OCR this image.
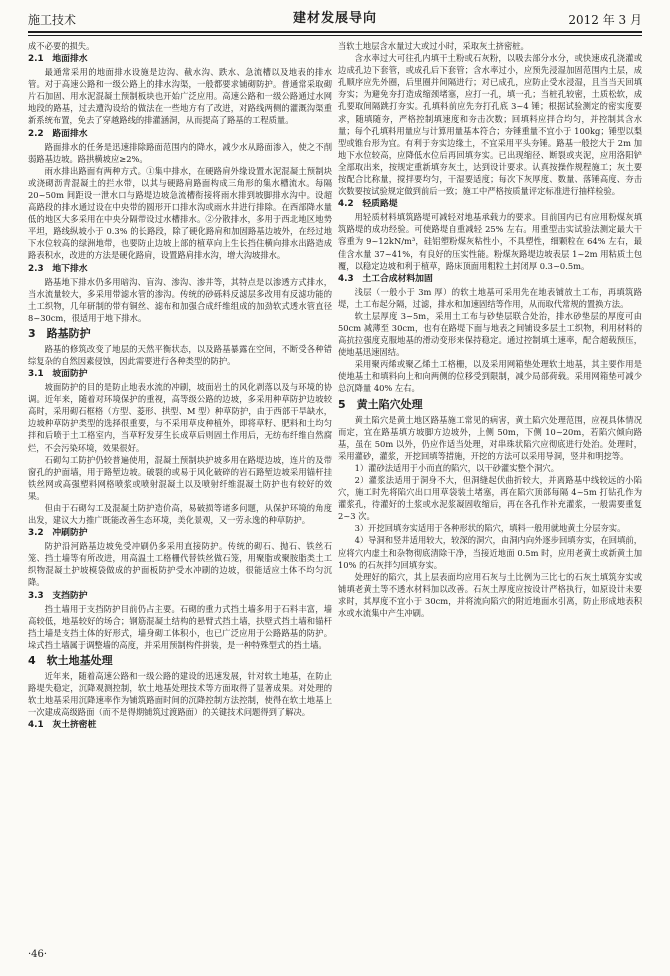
施工技术	建材发展导向	2012 年 3 月
成不必要的损失。
2.1　地面排水
最通常采用的地面排水设施是边沟、截水沟、跌水、急流槽以及地表的排水管。对于高速公路和一级公路上的排水沟渠，一般都要求铺砌防护。普通常采取砌片石加固、用水泥混凝土预制板块也开始广泛应用。高速公路和一级公路通过水网地段的路基，过去遭沟设给的做法在一些地方有了改进，对路线两侧的灌溉沟渠重新系统布置，免去了穿越路线的排灌涵洞，从而提高了路基的工程质量。
2.2　路面排水
路面排水的任务是迅速排除路面范围内的降水，减少水从路面渗入，使之不削弱路基边坡。路拱横坡应≥2%。
雨水排出路面有两种方式。①集中排水，在硬路肩外缘设置水泥混凝土预制块或浇砌沥青混凝土的拦水带，以其与硬路肩路面构成三角形的集水槽流水。每隔 20~50m 间距设一泄水口与路堤边坡急流槽衔接将雨水排到坡脚排水沟中。设超高路段的排水通过设在中央带的圆形开口排水沟或雨水井进行排除。在西部降水量低的地区大多采用在中央分隔带设过水槽排水。②分散排水，多用于西北地区地势平坦，路线纵坡小于 0.3% 的长路段，除了硬化路肩和加固路基边坡外，在经过地下水位较高的绿洲地带，也要防止边坡上部的植草向上生长挡住横向排水出路造成路表积水，改进的方法是硬化路肩，设置路肩排水沟，增大沟坡排水。
2.3　地下排水
路基地下排水仍多用暗沟、盲沟、渗沟、渗井等，其特点是以渗透方式排水，当水流量较大，多采用带滤水管的渗沟。传统的砂砾料反滤层多改用有反滤功能的土工织物，几年研制的带有铜丝、滤布和加强合成纤维组成的加劲软式透水管直径 8~30cm，很适用于地下排水。
3　路基防护
路基的修筑改变了地层的天然平衡状态，以及路基暴露在空间，不断受各种错综复杂的自然因素侵蚀，因此需要进行各种类型的防护。
3.1　坡面防护
坡面防护的目的是防止地表水流的冲刷，坡面岩土的风化剥落以及与环境的协调。近年来，随着对环境保护的重视，高等级公路的边坡，多采用种草防护边坡较高时，采用砌石框格（方型、菱形、拱型、M 型）种草防护，由于西部干旱缺水，边坡种草防护类型的选择很重要，与不采用草皮种植外，即将草籽、肥料和土均匀拌和后喷于土工格室内，当草籽发芽生长成草后则固土作用后，无纺布纤维自然腐烂，不会污染环境，效果很好。
石砌勾工防护仍较普遍使用，混凝土预制块护坡多用在路堤边坡，连片的及带窗孔的护面墙，用于路堑边坡。破裂的或易于风化破碎的岩石路堑边坡采用锚杆挂铁丝网或高强塑料网格喷浆或喷射混凝土以及喷射纤维混凝土防护也有较好的效果。
但由于石砌勾工及混凝土防护造价高，易破损等诸多问题，从保护环境的角度出发，建议大力推广既能改善生态环境，美化景观，又一劳永逸的种草防护。
3.2　冲刷防护
防护沿河路基边坡免受冲刷仍多采用直接防护。传统的砌石、抛石、铁丝石笼、挡土墙等有所改进，用高温土工格栅代替铁丝做石笼，用聚脂或聚胺脂类土工织物混凝土护坡模袋做成的护面板防护受水冲刷的边坡，很能适应土体不均匀沉降。
3.3　支挡防护
挡土墙用于支挡防护目前仍占主要。石砌的重力式挡土墙多用于石料丰富，墙高较低，地基较好的场合；钢筋混凝土结构的悬臂式挡土墙，扶壁式挡土墙和锚杆挡土墙是支挡土体的好形式，墙身砌工体积小，也已广泛应用于公路路基的防护。垛式挡土墙属于调整墙的高度，并采用预制构件拼装，是一种特殊型式的挡土墙。
4　软土地基处理
近年来，随着高速公路和一级公路的建设的迅速发展，针对软土地基，在防止路堤失稳定，沉降观测控制，软土地基处理技术等方面取得了显著成果。对处理的软土地基采用沉降速率作为铺筑路面时间的沉降控制方法控制，使得在软土地基上一次建成高级路面（而不是得期铺筑过渡路面）的关键技术问题得到了解决。
4.1　灰土挤密桩
当软土地层含水量过大或过小时，采取灰土挤密桩。
含水率过大可往孔内填干土粉或石灰粉，以吸去部分水分，或快速成孔浇灌或边成孔边下套管，或成孔后下套管；含水率过小，应预先浸湿加固范围内土层，成孔顺序应先外圈，后里圈并间隔进行；对已成孔，应防止受水浸湿，且当当天回填夯实；为避免夯打造成缩颈堵塞，应打一孔，填一孔；当桩孔较密，土质松软，成孔要取间隔跳打夯实。孔填料前应先夯打孔底 3~4 锤；根据试验测定的密实度要求，随填随夯，严格控制填速度和夯击次数；回填料应拌合均匀，并控制其含水量；每个孔填料用量应与计算用量基本符合；夯锤重量不宜小于 100kg；锤型以梨型或锥台形为宜。有利于夯实边缘土，不宜采用平头夯锤。路基一般挖大于 2m 加地下水位较高，应降低水位后再回填夯实。已出现缩径、断裂或夹泥，应用洛阳铲全部取出来，按规定重新填夯灰土，达到设计要求。认真按操作规程施工；灰土要按配合比称量，搅拌要均匀，干湿要适度；每次下灰厚度、数量、落锤高度、夯击次数要按试验规定做到前后一致；施工中严格按质量评定标准进行抽样检验。
4.2　轻质路堤
用轻质材料填筑路堤可减轻对地基承载力的要求。目前国内已有应用粉煤灰填筑路堤的成功经验。可使路堤自重减轻 25% 左右。用重型击实试验法测定最大干容重为 9~12kN/m³，硅铝塑粉煤灰粘性小，不具塑性，细颗粒在 64% 左右，最佳含水量 37~41%，有良好的压实性能。粉煤灰路堤边坡表层 1~2m 用粘质土包覆，以稳定边坡和利于植草，路床顶面用粗粒土封闭厚 0.3~0.5m。
4.3　土工合成材料加固
浅层（一般小于 3m 厚）的软土地基可采用先在地表铺放土工布，再填筑路堤，土工布起分隔，过滤，排水和加速固结等作用，从而取代常规的置换方法。
软土层厚度 3~5m，采用土工布与砂垫层联合处治，排水砂垫层的厚度可由 50cm 减薄至 30cm，也有在路堤下面与地表之间铺设多层土工织物，利用材料的高抗拉强度克服地基的滑动变形来保持稳定。通过控制填土速率，配合超载预压，使地基迅速固结。
采用聚丙烯或聚乙烯土工格栅，以及采用网箱垫处理软土地基，其主要作用是使地基土和填料向上和向两侧的位移受到限制，减少局部荷载。采用网箱垫可减少总沉降量 40% 左右。
5　黄土陷穴处理
黄土陷穴是黄土地区路基施工常见的病害，黄土陷穴处理范围，应视具体情况而定，宜在路基填方坡脚方边坡外，上侧 50m，下侧 10~20m，若陷穴倾向路基，虽在 50m 以外，仍应作适当处理，对串珠状陷穴应彻底进行处治。处理时，采用灌砂，灌浆，开挖回填等措施，开挖的方法可以采用导洞，竖井和明挖等。
1）灌砂法适用于小而直的陷穴，以干砂灌实整个洞穴。
2）灌浆法适用于洞身不大，但洞缝起伏曲折较大，并离路基中线较远的小陷穴，施工时先将陷穴出口用草袋装土堵塞，再在陷穴顶部每隔 4~5m 打钻孔作为灌浆孔，待灌好的土浆或水泥浆凝固收缩后，再在各孔作补充灌浆，一般需要重复 2~3 次。
3）开挖回填夯实适用于各种形状的陷穴，填料一般用就地黄土分层夯实。
4）导洞和竖井适用较大，较深的洞穴，由洞内向外逐步回填夯实，在回填前，应将穴内虚土和杂物彻底清除干净，当接近地面 0.5m 时，应用老黄土或新黄土加 10% 的石灰拌匀回填夯实。
处理好的陷穴，其上层表面均应用石灰与土比例为三比七的石灰土填筑夯实或铺填老黄土等不透水材料加以改善。石灰土厚度应按设计严格执行，如原设计未要求时，其厚度不宜小于 30cm，并将流向陷穴的附近地面水引离，防止形成地表积水或水流集中产生冲刷。
·46·
